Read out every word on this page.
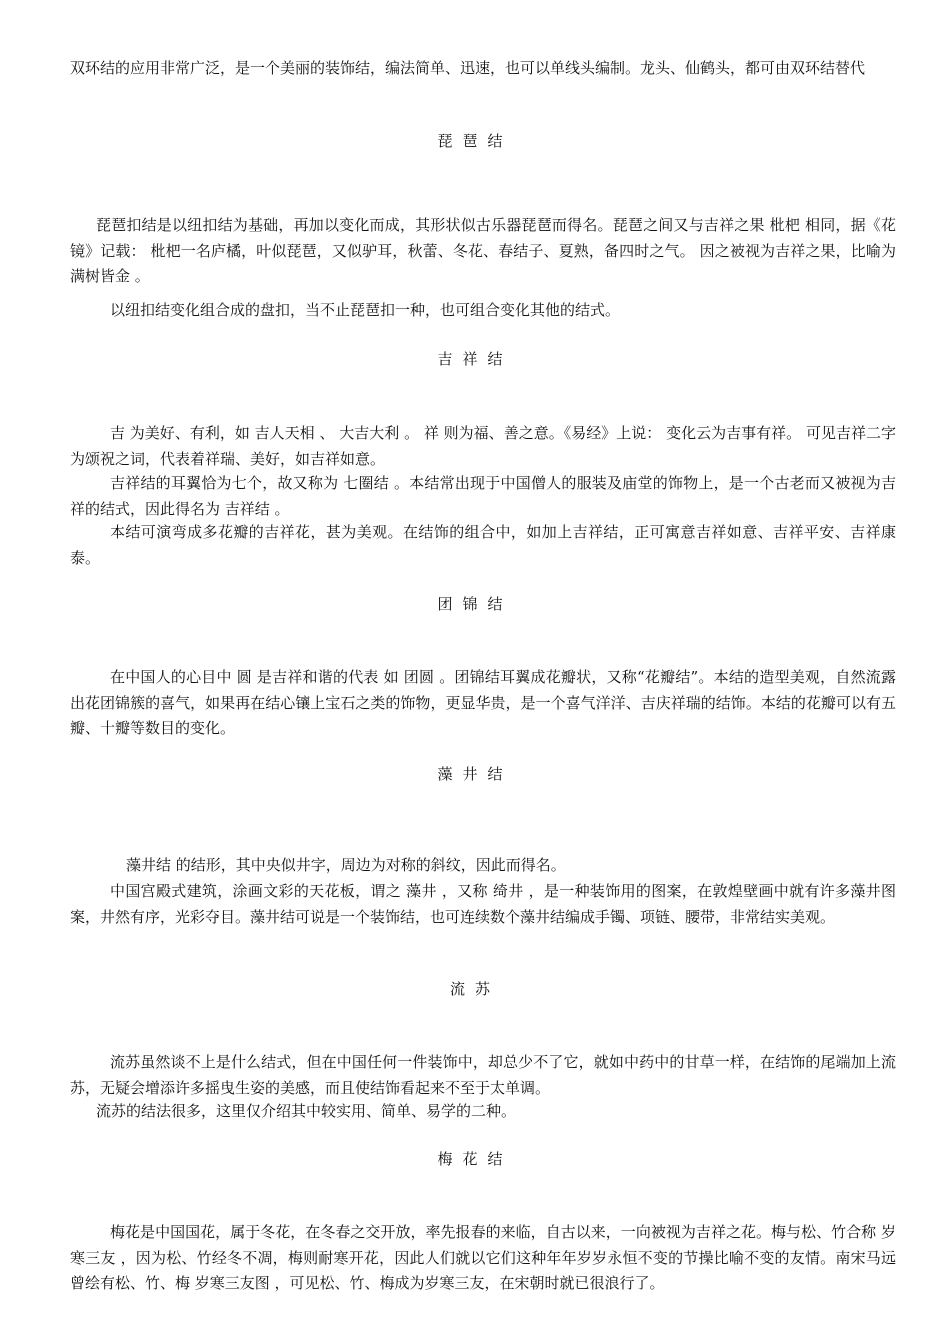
双环结的应用非常广泛，是一个美丽的装饰结，编法简单、迅速，也可以单线头编制。龙头、仙鹤头，都可由双环结替代

琵琶结

琵琶扣结是以纽扣结为基础，再加以变化而成，其形状似古乐器琵琶而得名。琵琶之间又与吉祥之果 枇杷 相同，据《花镜》记载： 枇杷一名庐橘，叶似琵琶，又似驴耳，秋蕾、冬花、春结子、夏熟，备四时之气。 因之被视为吉祥之果，比喻为 满树皆金 。

以纽扣结变化组合成的盘扣，当不止琵琶扣一种，也可组合变化其他的结式。

吉祥结

吉 为美好、有利，如 吉人天相 、 大吉大利 。 祥 则为福、善之意。《易经》上说： 变化云为吉事有祥。 可见吉祥二字为颂祝之词，代表着祥瑞、美好，如吉祥如意。

吉祥结的耳翼恰为七个，故又称为 七圈结 。本结常出现于中国僧人的服装及庙堂的饰物上，是一个古老而又被视为吉祥的结式，因此得名为 吉祥结 。

本结可演弯成多花瓣的吉祥花，甚为美观。在结饰的组合中，如加上吉祥结，正可寓意吉祥如意、吉祥平安、吉祥康泰。

团锦结

在中国人的心目中 圆 是吉祥和谐的代表 如 团圆 。团锦结耳翼成花瓣状，又称“花瓣结”。本结的造型美观，自然流露出花团锦簇的喜气，如果再在结心镶上宝石之类的饰物，更显华贵，是一个喜气洋洋、吉庆祥瑞的结饰。本结的花瓣可以有五瓣、十瓣等数目的变化。

藻井结

藻井结 的结形，其中央似井字，周边为对称的斜纹，因此而得名。

中国宫殿式建筑，涂画文彩的天花板，谓之 藻井 ，又称 绮井 ，是一种装饰用的图案，在敦煌壁画中就有许多藻井图案，井然有序，光彩夺目。藻井结可说是一个装饰结，也可连续数个藻井结编成手镯、项链、腰带，非常结实美观。

流苏

流苏虽然谈不上是什么结式，但在中国任何一件装饰中，却总少不了它，就如中药中的甘草一样，在结饰的尾端加上流苏，无疑会增添许多摇曳生姿的美感，而且使结饰看起来不至于太单调。

流苏的结法很多，这里仅介绍其中较实用、简单、易学的二种。

梅花结

梅花是中国国花，属于冬花，在冬春之交开放，率先报春的来临，自古以来，一向被视为吉祥之花。梅与松、竹合称 岁寒三友 ，因为松、竹经冬不凋，梅则耐寒开花，因此人们就以它们这种年年岁岁永恒不变的节操比喻不变的友情。南宋马远曾绘有松、竹、梅 岁寒三友图 ，可见松、竹、梅成为岁寒三友，在宋朝时就已很浪行了。
